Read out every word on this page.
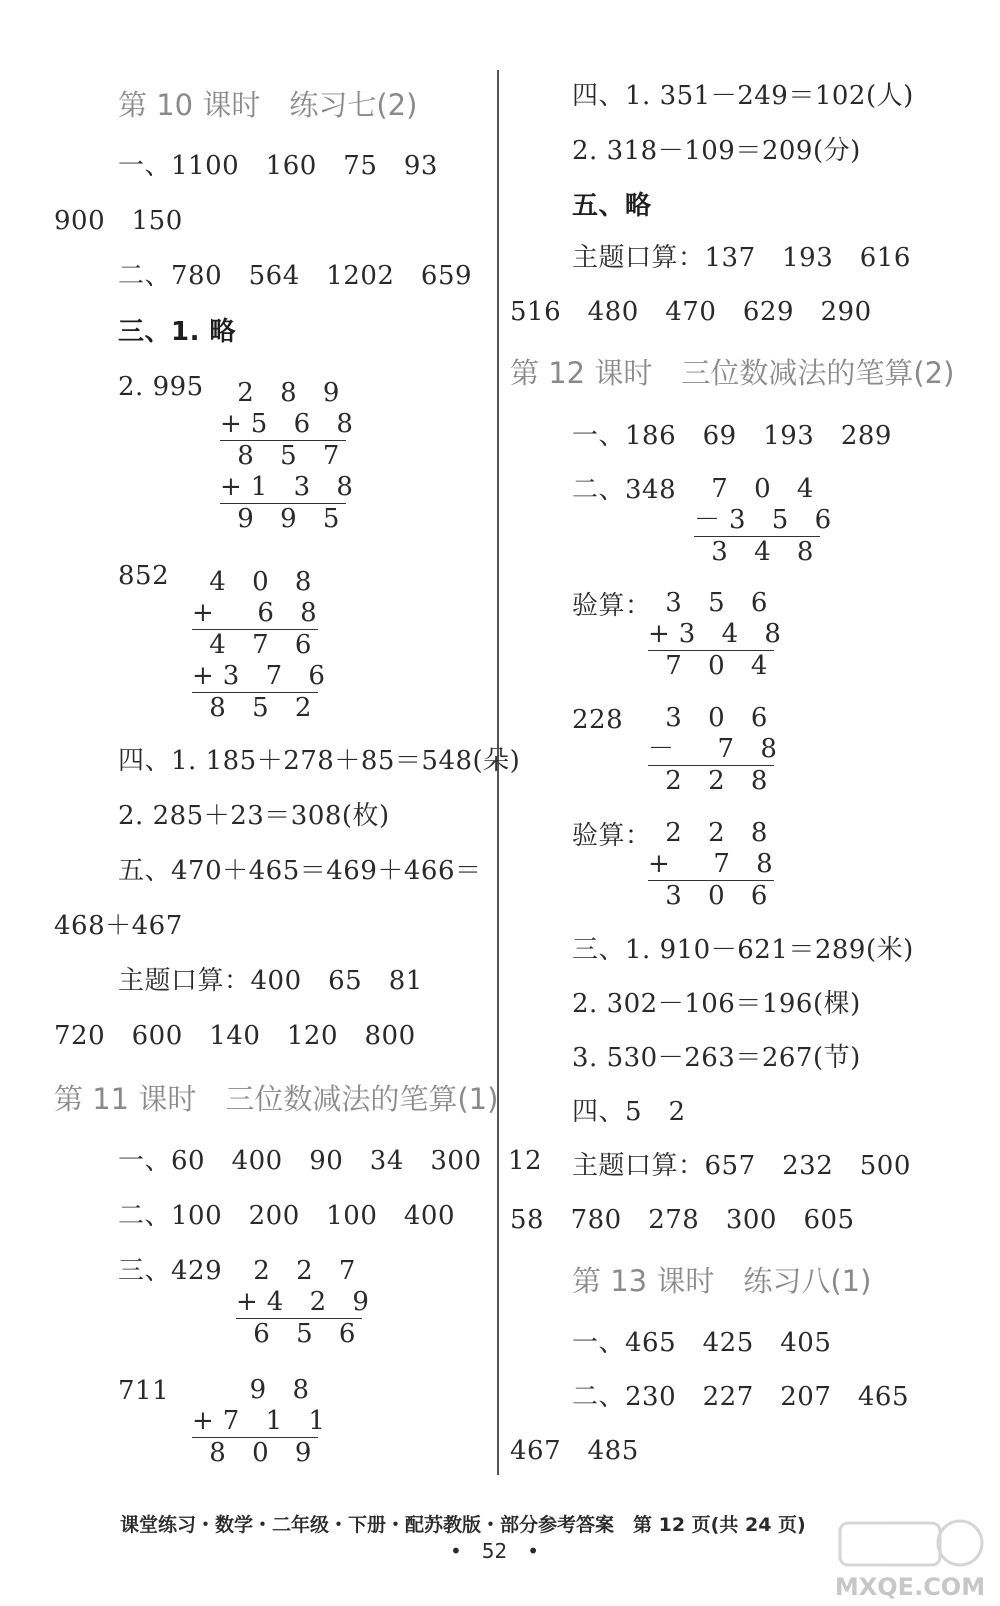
第 10 课时　练习七(2)
一、1100　160　75　93
900　150
二、780　564　1202　659
三、1. 略
2. 995 2 8 9
+5 6 8
8 5 7
+1 3 8
9 9 5
852 4 0 8
+  6 8
4 7 6
+3 7 6
8 5 2
四、1. 185＋278＋85＝548(朵)
2. 285＋23＝308(枚)
五、470＋465＝469＋466＝
468＋467
主题口算：400　65　81
720　600　140　120　800
第 11 课时　三位数减法的笔算(1)
一、60　400　90　34　300　12
二、100　200　100　400
三、429 2 2 7
+4 2 9
6 5 6
711 9 8
+7 1 1
8 0 9
四、1. 351－249＝102(人)
2. 318－109＝209(分)
五、略
主题口算：137　193　616
516　480　470　629　290
第 12 课时　三位数减法的笔算(2)
一、186　69　193　289
二、348 7 0 4
－3 5 6
3 4 8
验算：
3 5 6
+3 4 8
7 0 4
228 3 0 6
－  7 8
2 2 8
验算：
2 2 8
+  7 8
3 0 6
三、1. 910－621＝289(米)
2. 302－106＝196(棵)
3. 530－263＝267(节)
四、5　2
主题口算：657　232　500
58　780　278　300　605
第 13 课时　练习八(1)
一、465　425　405
二、230　227　207　465
467　485
课堂练习・数学・二年级・下册・配苏教版・部分参考答案　第 12 页(共 24 页)
•　52　•
MXQE.COM
